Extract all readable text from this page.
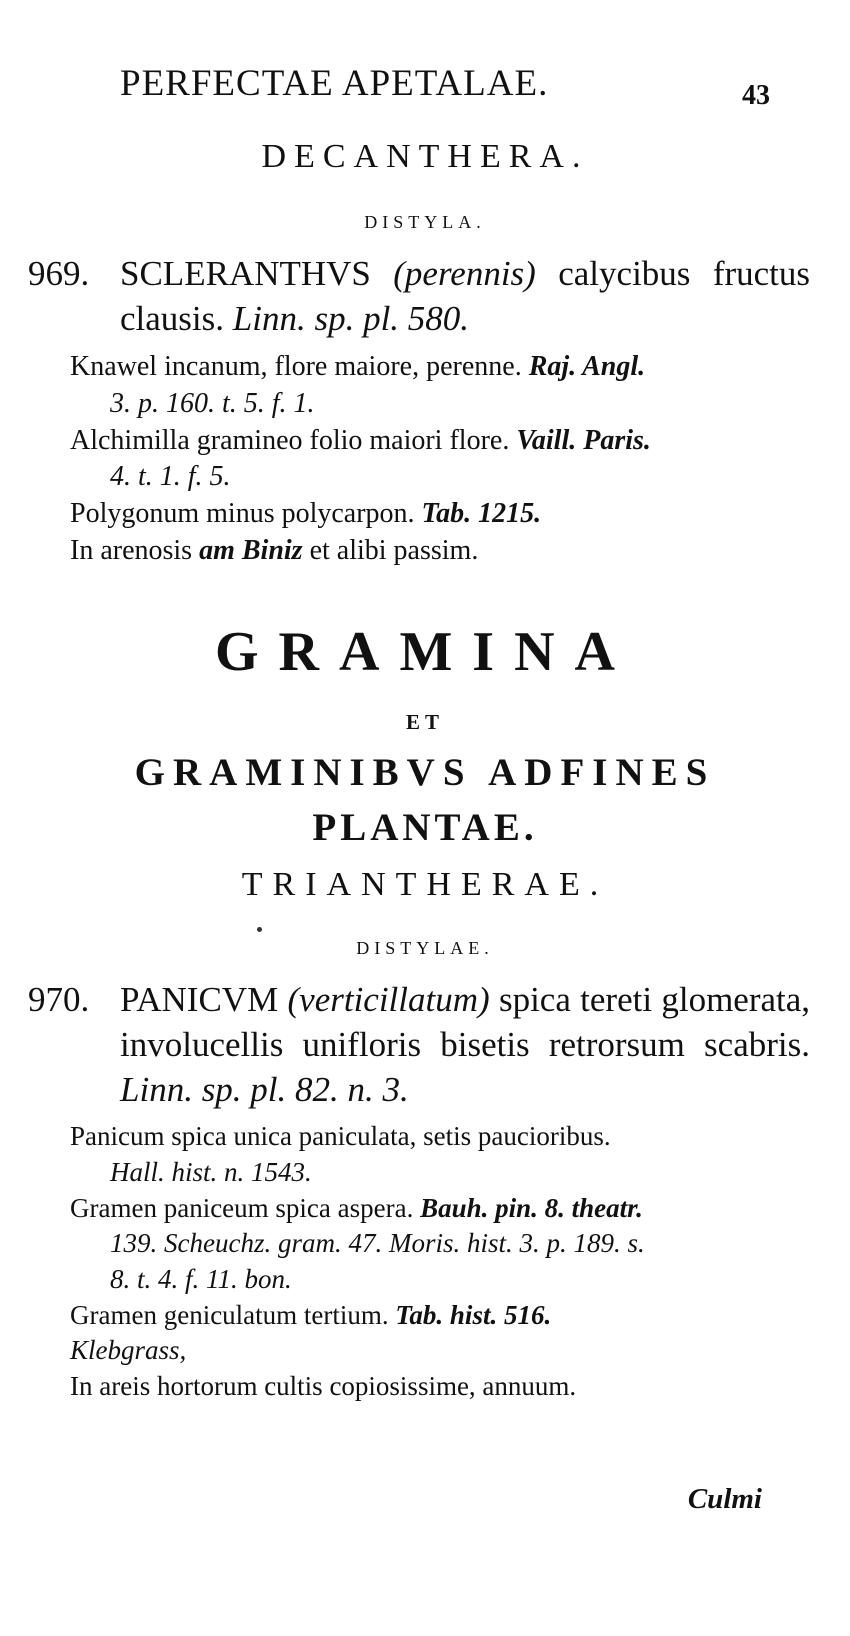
PERFECTAE APETALAE.	43
DECANTHERA.
DISTYLA.
969. SCLERANTHVS (perennis) calycibus fructus clausis. Linn. sp. pl. 580.

Knawel incanum, flore maiore, perenne. Raj. Angl.

3. p. 160. t. 5. f. 1.

Alchimilla gramineo folio maiori flore. Vaill. Paris.

4. t. 1. f. 5.

Polygonum minus polycarpon. Tab. 1215.

In arenosis am Biniz et alibi passim.

GRAMINA
ET
GRAMINIBVS ADFINES
PLANTAE.
TRIANTHERAE.
DISTYLAE.
970. PANICVM (verticillatum) spica tereti glomerata, involucellis unifloris bisetis retrorsum scabris. Linn. sp. pl. 82. n. 3.

Panicum spica unica paniculata, setis paucioribus.

Hall. hist. n. 1543.

Gramen paniceum spica aspera. Bauh. pin. 8. theatr.

139. Scheuchz. gram. 47. Moris. hist. 3. p. 189. s.

8. t. 4. f. 11. bon.

Gramen geniculatum tertium. Tab. hist. 516.

Klebgrass,

In areis hortorum cultis copiosissime, annuum.

Culmi
